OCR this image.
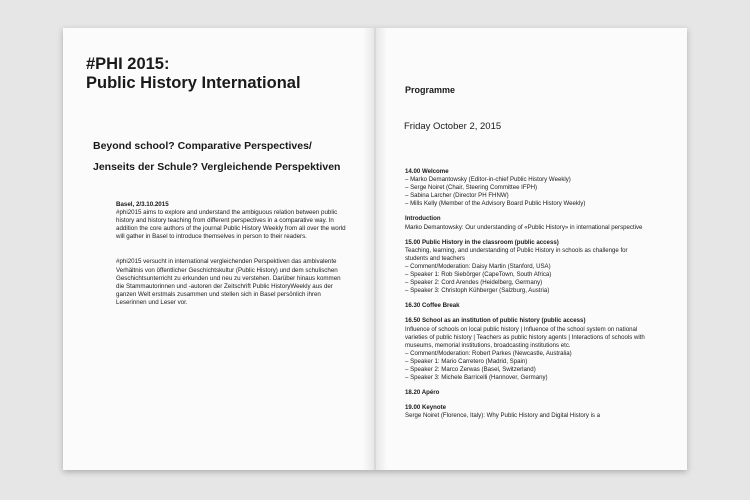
#PHI 2015:
Public History International
Beyond school? Comparative Perspectives/
Jenseits der Schule? Vergleichende Perspektiven

Basel, 2/3.10.2015
#phi2015 aims to explore and understand the ambiguous relation between public history and history teaching from different perspectives in a comparative way. In addition the core authors of the journal Public History Weekly from all over the world will gather in Basel to introduce themselves in person to their readers.

#phi2015 versucht in international vergleichenden Perspektiven das ambivalente Verhältnis von öffentlicher Geschichtskultur (Public History) und dem schulischen Geschichtsunterricht zu erkunden und neu zu verstehen. Darüber hinaus kommen die Stammautorinnen und -autoren der Zeitschrift Public HistoryWeekly aus der ganzen Welt erstmals zusammen und stellen sich in Basel persönlich ihren Leserinnen und Leser vor.

Programme
Friday October 2, 2015
14.00 Welcome
– Marko Demantowsky (Editor-in-chief Public History Weekly)
– Serge Noiret (Chair, Steering Committee IFPH)
– Sabina Larcher (Director PH FHNW)
– Mills Kelly (Member of the Advisory Board Public History Weekly)
Introduction
Marko Demantowsky: Our understanding of «Public History» in international perspective
15.00 Public History in the classroom (public access)
Teaching, learning, and understanding of Public History in schools as challenge for students and teachers
– Comment/Moderation: Daisy Martin (Stanford, USA)
– Speaker 1: Rob Siebörger (CapeTown, South Africa)
– Speaker 2: Cord Arendes (Heidelberg, Germany)
– Speaker 3: Christoph Kühberger (Salzburg, Austria)
16.30 Coffee Break
16.50 School as an institution of public history (public access)
Influence of schools on local public history | Influence of the school system on national varieties of public history | Teachers as public history agents | Interactions of schools with museums, memorial institutions, broadcasting institutions etc.
– Comment/Moderation: Robert Parkes (Newcastle, Australia)
– Speaker 1: Mario Carretero (Madrid, Spain)
– Speaker 2: Marco Zerwas (Basel, Switzerland)
– Speaker 3: Michele Barricelli (Hannover, Germany)
18.20 Apéro
19.00 Keynote
Serge Noiret (Florence, Italy): Why Public History and Digital History is a
